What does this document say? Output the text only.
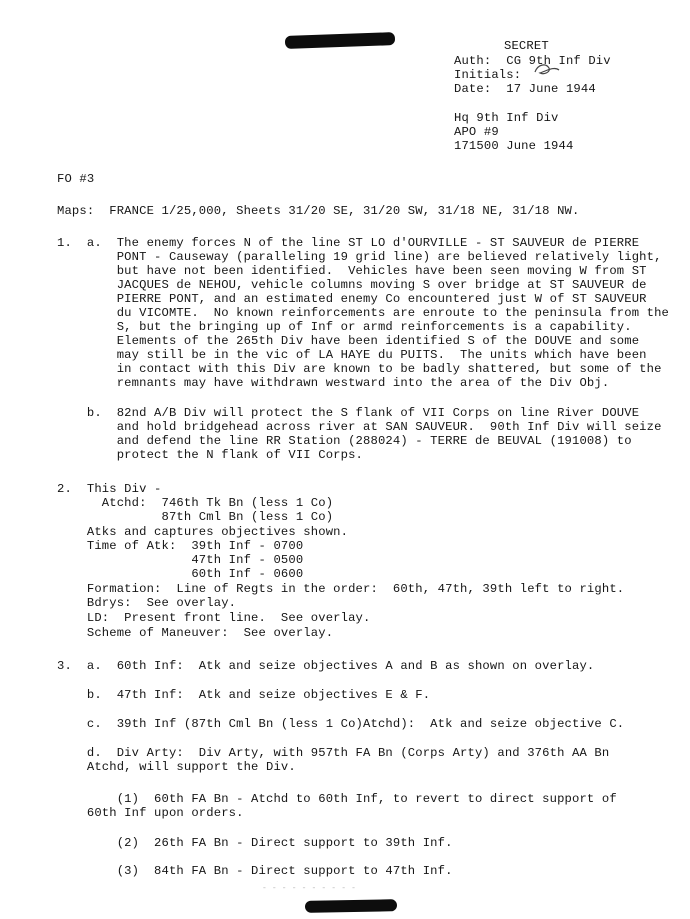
SECRET
Auth:  CG 9th Inf Div
Initials:
Date:  17 June 1944
Hq 9th Inf Div
APO #9
171500 June 1944
FO #3
Maps:  FRANCE 1/25,000, Sheets 31/20 SE, 31/20 SW, 31/18 NE, 31/18 NW.
1.  a.  The enemy forces N of the line ST LO d'OURVILLE - ST SAUVEUR de PIERRE
PONT - Causeway (paralleling 19 grid line) are believed relatively light,
but have not been identified.  Vehicles have been seen moving W from ST
JACQUES de NEHOU, vehicle columns moving S over bridge at ST SAUVEUR de
PIERRE PONT, and an estimated enemy Co encountered just W of ST SAUVEUR
du VICOMTE.  No known reinforcements are enroute to the peninsula from the
S, but the bringing up of Inf or armd reinforcements is a capability.
Elements of the 265th Div have been identified S of the DOUVE and some
may still be in the vic of LA HAYE du PUITS.  The units which have been
in contact with this Div are known to be badly shattered, but some of the
remnants may have withdrawn westward into the area of the Div Obj.
b.  82nd A/B Div will protect the S flank of VII Corps on line River DOUVE
and hold bridgehead across river at SAN SAUVEUR.  90th Inf Div will seize
and defend the line RR Station (288024) - TERRE de BEUVAL (191008) to
protect the N flank of VII Corps.
2.  This Div -
Atchd:  746th Tk Bn (less 1 Co)
87th Cml Bn (less 1 Co)
Atks and captures objectives shown.
Time of Atk:  39th Inf - 0700
47th Inf - 0500
60th Inf - 0600
Formation:  Line of Regts in the order:  60th, 47th, 39th left to right.
Bdrys:  See overlay.
LD:  Present front line.  See overlay.
Scheme of Maneuver:  See overlay.
3.  a.  60th Inf:  Atk and seize objectives A and B as shown on overlay.
b.  47th Inf:  Atk and seize objectives E & F.
c.  39th Inf (87th Cml Bn (less 1 Co)Atchd):  Atk and seize objective C.
d.  Div Arty:  Div Arty, with 957th FA Bn (Corps Arty) and 376th AA Bn
Atchd, will support the Div.
(1)  60th FA Bn - Atchd to 60th Inf, to revert to direct support of
60th Inf upon orders.
(2)  26th FA Bn - Direct support to 39th Inf.
(3)  84th FA Bn - Direct support to 47th Inf.
- - - - - - - - - -
